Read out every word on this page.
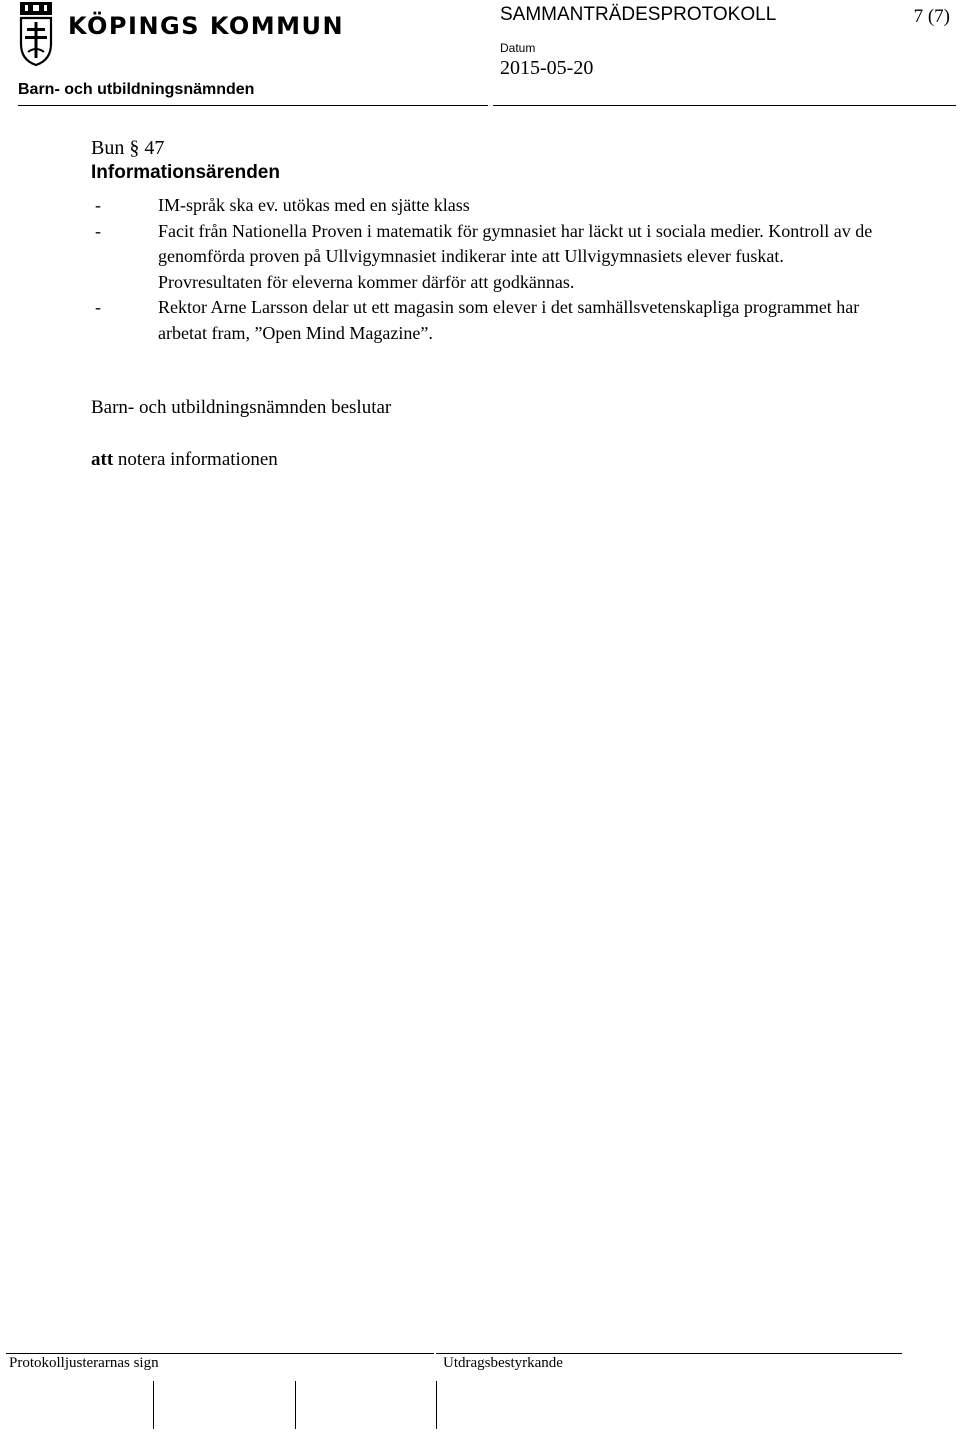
KÖPINGS KOMMUN	SAMMANTRÄDESPROTOKOLL	7 (7)
Datum
2015-05-20
Barn- och utbildningsnämnden
Bun § 47
Informationsärenden
-	IM-språk ska ev. utökas med en sjätte klass
-	Facit från Nationella Proven i matematik för gymnasiet har läckt ut i sociala medier. Kontroll av de genomförda proven på Ullvigymnasiet indikerar inte att Ullvigymnasiets elever fuskat. Provresultaten för eleverna kommer därför att godkännas.
-	Rektor Arne Larsson delar ut ett magasin som elever i det samhällsvetenskapliga programmet har arbetat fram, ”Open Mind Magazine”.
Barn- och utbildningsnämnden beslutar
att notera informationen
Protokolljusterarnas sign	Utdragsbestyrkande
